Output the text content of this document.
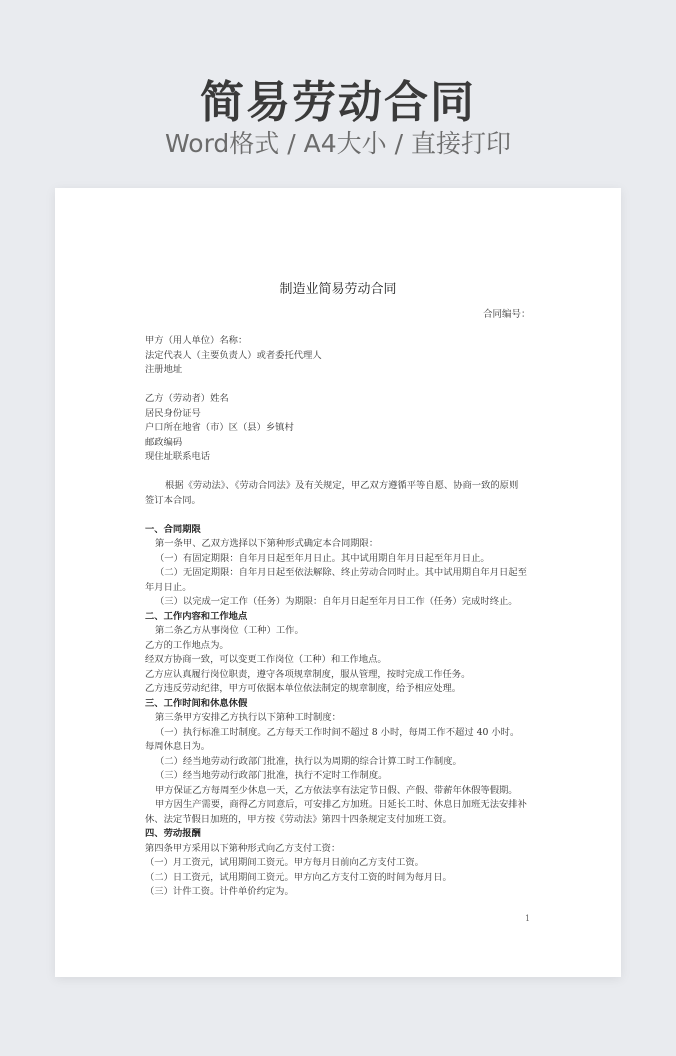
简易劳动合同
Word格式 / A4大小 / 直接打印
制造业简易劳动合同
合同编号：
甲方（用人单位）名称：
法定代表人（主要负责人）或者委托代理人
注册地址
乙方（劳动者）姓名
居民身份证号
户口所在地省（市）区（县）乡镇村
邮政编码
现住址联系电话
根据《劳动法》、《劳动合同法》及有关规定，甲乙双方遵循平等自愿、协商一致的原则签订本合同。
一、合同期限
第一条甲、乙双方选择以下第种形式确定本合同期限：
（一）有固定期限：自年月日起至年月日止。其中试用期自年月日起至年月日止。
（二）无固定期限：自年月日起至依法解除、终止劳动合同时止。其中试用期自年月日起至年月日止。
（三）以完成一定工作（任务）为期限：自年月日起至年月日工作（任务）完成时终止。
二、工作内容和工作地点
第二条乙方从事岗位（工种）工作。
乙方的工作地点为。
经双方协商一致，可以变更工作岗位（工种）和工作地点。
乙方应认真履行岗位职责，遵守各项规章制度，服从管理，按时完成工作任务。
乙方违反劳动纪律，甲方可依据本单位依法制定的规章制度，给予相应处理。
三、工作时间和休息休假
第三条甲方安排乙方执行以下第种工时制度：
（一）执行标准工时制度。乙方每天工作时间不超过 8 小时，每周工作不超过 40 小时。每周休息日为。
（二）经当地劳动行政部门批准，执行以为周期的综合计算工时工作制度。
（三）经当地劳动行政部门批准，执行不定时工作制度。
甲方保证乙方每周至少休息一天，乙方依法享有法定节日假、产假、带薪年休假等假期。
甲方因生产需要，商得乙方同意后，可安排乙方加班。日延长工时、休息日加班无法安排补休、法定节假日加班的，甲方按《劳动法》第四十四条规定支付加班工资。
四、劳动报酬
第四条甲方采用以下第种形式向乙方支付工资：
（一）月工资元，试用期间工资元。甲方每月日前向乙方支付工资。
（二）日工资元，试用期间工资元。甲方向乙方支付工资的时间为每月日。
（三）计件工资。计件单价约定为。
1
